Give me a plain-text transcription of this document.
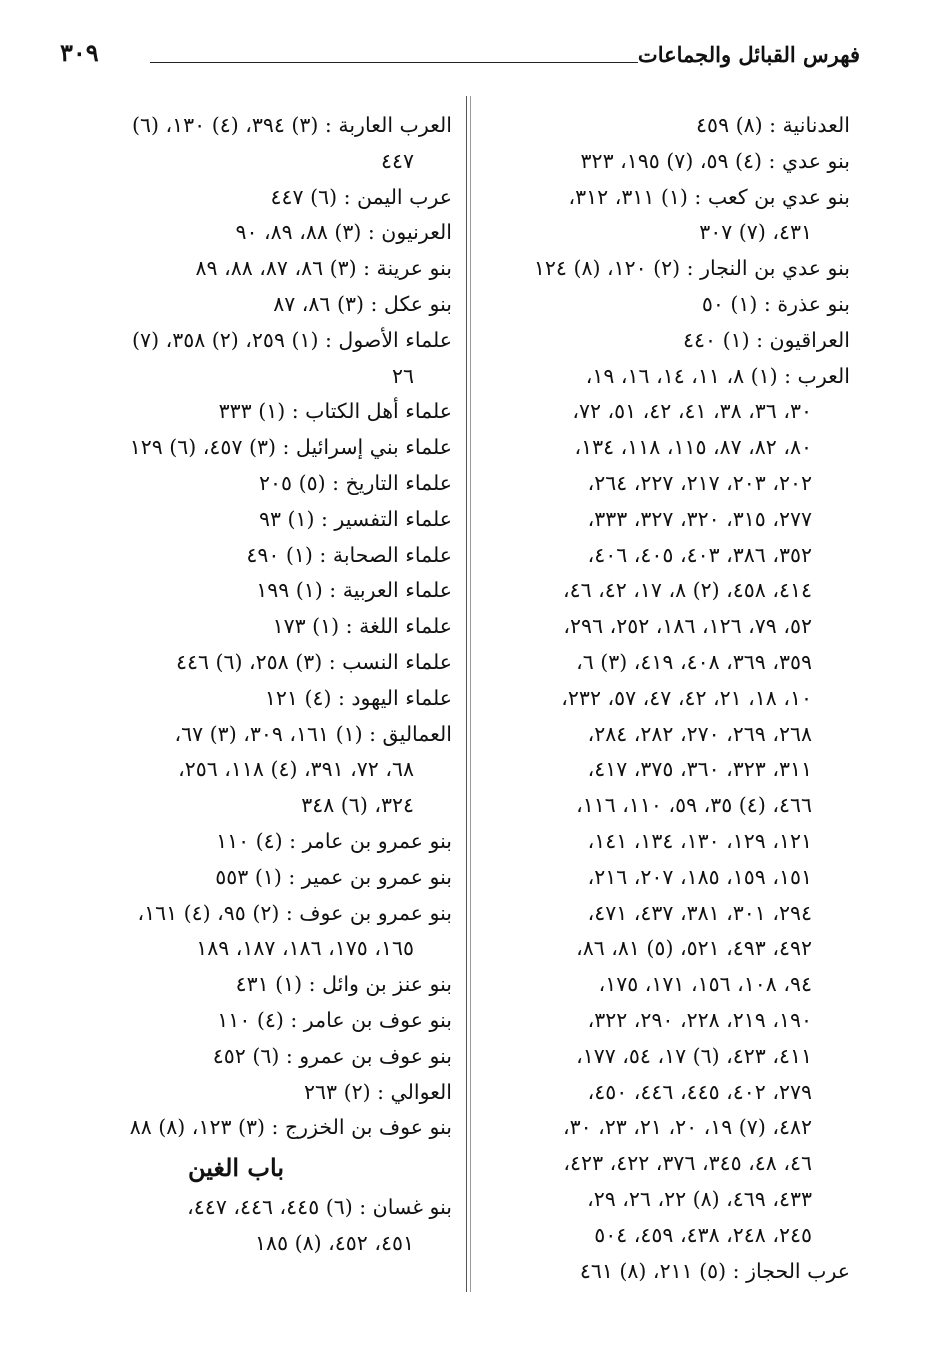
فهرس القبائل والجماعات
٣٠٩
العدنانية : (٨) ٤٥٩
بنو عدي : (٤) ٥٩، (٧) ١٩٥، ٣٢٣
بنو عدي بن كعب : (١) ٣١١، ٣١٢،
٤٣١، (٧) ٣٠٧
بنو عدي بن النجار : (٢) ١٢٠، (٨) ١٢٤
بنو عذرة : (١) ٥٠
العراقيون : (١) ٤٤٠
العرب : (١) ٨، ١١، ١٤، ١٦، ١٩،
٣٠، ٣٦، ٣٨، ٤١، ٤٢، ٥١، ٧٢،
٨٠، ٨٢، ٨٧، ١١٥، ١١٨، ١٣٤،
٢٠٢، ٢٠٣، ٢١٧، ٢٢٧، ٢٦٤،
٢٧٧، ٣١٥، ٣٢٠، ٣٢٧، ٣٣٣،
٣٥٢، ٣٨٦، ٤٠٣، ٤٠٥، ٤٠٦،
٤١٤، ٤٥٨، (٢) ٨، ١٧، ٤٢، ٤٦،
٥٢، ٧٩، ١٢٦، ١٨٦، ٢٥٢، ٢٩٦،
٣٥٩، ٣٦٩، ٤٠٨، ٤١٩، (٣) ٦،
١٠، ١٨، ٢١، ٤٢، ٤٧، ٥٧، ٢٣٢،
٢٦٨، ٢٦٩، ٢٧٠، ٢٨٢، ٢٨٤،
٣١١، ٣٢٣، ٣٦٠، ٣٧٥، ٤١٧،
٤٦٦، (٤) ٣٥، ٥٩، ١١٠، ١١٦،
١٢١، ١٢٩، ١٣٠، ١٣٤، ١٤١،
١٥١، ١٥٩، ١٨٥، ٢٠٧، ٢١٦،
٢٩٤، ٣٠١، ٣٨١، ٤٣٧، ٤٧١،
٤٩٢، ٤٩٣، ٥٢١، (٥) ٨١، ٨٦،
٩٤، ١٠٨، ١٥٦، ١٧١، ١٧٥،
١٩٠، ٢١٩، ٢٢٨، ٢٩٠، ٣٢٢،
٤١١، ٤٢٣، (٦) ١٧، ٥٤، ١٧٧،
٢٧٩، ٤٠٢، ٤٤٥، ٤٤٦، ٤٥٠،
٤٨٢، (٧) ١٩، ٢٠، ٢١، ٢٣، ٣٠،
٤٦، ٤٨، ٣٤٥، ٣٧٦، ٤٢٢، ٤٢٣،
٤٣٣، ٤٦٩، (٨) ٢٢، ٢٦، ٢٩،
٢٤٥، ٢٤٨، ٤٣٨، ٤٥٩، ٥٠٤
عرب الحجاز : (٥) ٢١١، (٨) ٤٦١
العرب العاربة : (٣) ٣٩٤، (٤) ١٣٠، (٦)
٤٤٧
عرب اليمن : (٦) ٤٤٧
العرنيون : (٣) ٨٨، ٨٩، ٩٠
بنو عرينة : (٣) ٨٦، ٨٧، ٨٨، ٨٩
بنو عكل : (٣) ٨٦، ٨٧
علماء الأصول : (١) ٢٥٩، (٢) ٣٥٨، (٧)
٢٦
علماء أهل الكتاب : (١) ٣٣٣
علماء بني إسرائيل : (٣) ٤٥٧، (٦) ١٢٩
علماء التاريخ : (٥) ٢٠٥
علماء التفسير : (١) ٩٣
علماء الصحابة : (١) ٤٩٠
علماء العربية : (١) ١٩٩
علماء اللغة : (١) ١٧٣
علماء النسب : (٣) ٢٥٨، (٦) ٤٤٦
علماء اليهود : (٤) ١٢١
العماليق : (١) ١٦١، ٣٠٩، (٣) ٦٧،
٦٨، ٧٢، ٣٩١، (٤) ١١٨، ٢٥٦،
٣٢٤، (٦) ٣٤٨
بنو عمرو بن عامر : (٤) ١١٠
بنو عمرو بن عمير : (١) ٥٥٣
بنو عمرو بن عوف : (٢) ٩٥، (٤) ١٦١،
١٦٥، ١٧٥، ١٨٦، ١٨٧، ١٨٩
بنو عنز بن وائل : (١) ٤٣١
بنو عوف بن عامر : (٤) ١١٠
بنو عوف بن عمرو : (٦) ٤٥٢
العوالي : (٢) ٢٦٣
بنو عوف بن الخزرج : (٣) ١٢٣، (٨) ٨٨
باب الغين
بنو غسان : (٦) ٤٤٥، ٤٤٦، ٤٤٧،
٤٥١، ٤٥٢، (٨) ١٨٥
